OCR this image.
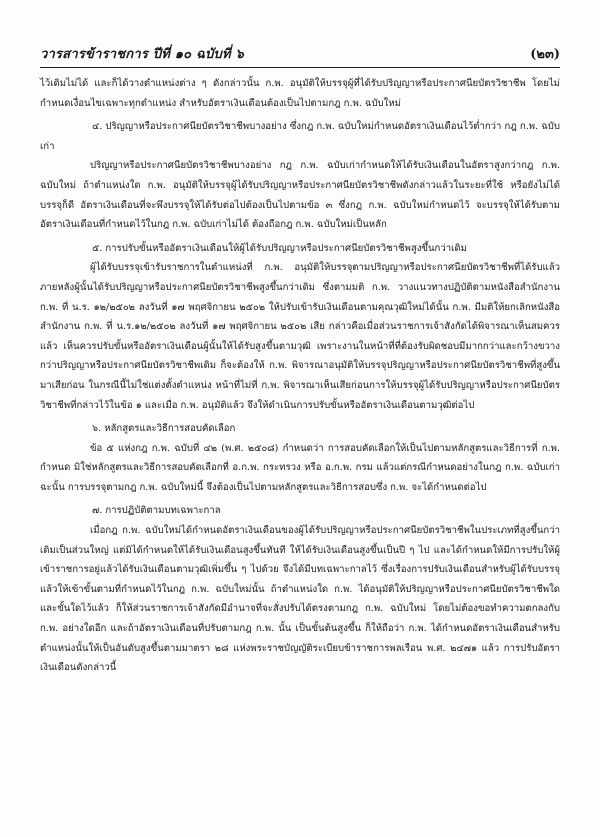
วารสารข้าราชการ ปีที่ ๑๐ ฉบับที่ ๖	(๒๓)

ไว้เดิมไม่ได้ และก็ได้วางตำแหน่งต่าง ๆ ดังกล่าวนั้น ก.พ. อนุมัติให้บรรจุผู้ที่ได้รับปริญญาหรือประกาศนียบัตรวิชาชีพ โดยไม่กำหนดเงื่อนไขเฉพาะทุกตำแหน่ง สำหรับอัตราเงินเดือนต้องเป็นไปตามกฎ ก.พ. ฉบับใหม่

๔. ปริญญาหรือประกาศนียบัตรวิชาชีพบางอย่าง ซึ่งกฎ ก.พ. ฉบับใหม่กำหนดอัตราเงินเดือนไว้ต่ำกว่า กฎ ก.พ. ฉบับเก่า

ปริญญาหรือประกาศนียบัตรวิชาชีพบางอย่าง กฎ ก.พ. ฉบับเก่ากำหนดให้ได้รับเงินเดือนในอัตราสูงกว่ากฎ ก.พ. ฉบับใหม่ ถ้าตำแหน่งใด ก.พ. อนุมัติให้บรรจุผู้ได้รับปริญญาหรือประกาศนียบัตรวิชาชีพดังกล่าวแล้วในระยะที่ใช้ หรือยังไม่ได้บรรจุก็ดี อัตราเงินเดือนที่จะพึงบรรจุให้ได้รับต่อไปต้องเป็นไปตามข้อ ๓ ซึ่งกฎ ก.พ. ฉบับใหม่กำหนดไว้ จะบรรจุให้ได้รับตามอัตราเงินเดือนที่กำหนดไว้ในกฎ ก.พ. ฉบับเก่าไม่ได้ ต้องถือกฎ ก.พ. ฉบับใหม่เป็นหลัก

๕. การปรับขั้นหรืออัตราเงินเดือนให้ผู้ได้รับปริญญาหรือประกาศนียบัตรวิชาชีพสูงขึ้นกว่าเดิม

ผู้ได้รับบรรจุเข้ารับราชการในตำแหน่งที่ ก.พ. อนุมัติให้บรรจุตามปริญญาหรือประกาศนียบัตรวิชาชีพที่ได้รับแล้ว ภายหลังผู้นั้นได้รับปริญญาหรือประกาศนียบัตรวิชาชีพสูงขึ้นกว่าเดิม ซึ่งตามมติ ก.พ. วางแนวทางปฏิบัติตามหนังสือสำนักงาน ก.พ. ที่ น.ร. ๑๒/๒๕๐๒ ลงวันที่ ๑๗ พฤศจิกายน ๒๕๐๒ ให้ปรับเข้ารับเงินเดือนตามคุณวุฒิใหม่ได้นั้น ก.พ. มีมติให้ยกเลิกหนังสือสำนักงาน ก.พ. ที่ น.ร.๑๒/๒๕๐๒ ลงวันที่ ๑๗ พฤศจิกายน ๒๕๐๒ เสีย กล่าวคือเมื่อส่วนราชการเจ้าสังกัดได้พิจารณาเห็นสมควรแล้ว เห็นควรปรับขั้นหรืออัตราเงินเดือนผู้นั้นให้ได้รับสูงขึ้นตามวุฒิ เพราะงานในหน้าที่ที่ต้องรับผิดชอบมีมากกว่าและกว้างขวางกว่าปริญญาหรือประกาศนียบัตรวิชาชีพเดิม ก็จะต้องให้ ก.พ. พิจารณาอนุมัติให้บรรจุปริญญาหรือประกาศนียบัตรวิชาชีพที่สูงขึ้นมาเสียก่อน ในกรณีนี้ไม่ใช่แต่งตั้งตำแหน่ง หน้าที่ไม่ที่ ก.พ. พิจารณาเห็นเสียก่อนการให้บรรจุผู้ได้รับปริญญาหรือประกาศนียบัตรวิชาชีพที่กล่าวไว้ในข้อ ๑ และเมื่อ ก.พ. อนุมัติแล้ว จึงให้ดำเนินการปรับขั้นหรืออัตราเงินเดือนตามวุฒิต่อไป

๖. หลักสูตรและวิธีการสอบคัดเลือก

ข้อ ๕ แห่งกฎ ก.พ. ฉบับที่ ๔๒ (พ.ศ. ๒๕๐๘) กำหนดว่า การสอบคัดเลือกให้เป็นไปตามหลักสูตรและวิธีการที่ ก.พ. กำหนด มิใช่หลักสูตรและวิธีการสอบคัดเลือกที่ อ.ก.พ. กระทรวง หรือ อ.ก.พ. กรม แล้วแต่กรณีกำหนดอย่างในกฎ ก.พ. ฉบับเก่า ฉะนั้น การบรรจุตามกฎ ก.พ. ฉบับใหม่นี้ จึงต้องเป็นไปตามหลักสูตรและวิธีการสอบซึ่ง ก.พ. จะได้กำหนดต่อไป

๗. การปฏิบัติตามบทเฉพาะกาล

เมื่อกฎ ก.พ. ฉบับใหม่ได้กำหนดอัตราเงินเดือนของผู้ได้รับปริญญาหรือประกาศนียบัตรวิชาชีพในประเภทที่สูงขึ้นกว่าเดิมเป็นส่วนใหญ่ แต่มิได้กำหนดให้ได้รับเงินเดือนสูงขึ้นทันที ให้ได้รับเงินเดือนสูงขึ้นเป็นปี ๆ ไป และได้กำหนดให้มีการปรับให้ผู้เข้าราชการอยู่แล้วได้รับเงินเดือนตามวุฒิเพิ่มขึ้น ๆ ไปด้วย จึงได้มีบทเฉพาะกาลไว้ ซึ่งเรื่องการปรับเงินเดือนสำหรับผู้ได้รับบรรจุแล้วให้เข้าขั้นตามที่กำหนดไว้ในกฎ ก.พ. ฉบับใหม่นั้น ถ้าตำแหน่งใด ก.พ. ได้อนุมัติให้ปริญญาหรือประกาศนียบัตรวิชาชีพใดและขั้นใดไว้แล้ว ก็ให้ส่วนราชการเจ้าสังกัดมีอำนาจที่จะสั่งปรับได้ตรงตามกฎ ก.พ. ฉบับใหม่ โดยไม่ต้องขอทำความตกลงกับ ก.พ. อย่างใดอีก และถ้าอัตราเงินเดือนที่ปรับตามกฎ ก.พ. นั้น เป็นขั้นต้นสูงขึ้น ก็ให้ถือว่า ก.พ. ได้กำหนดอัตราเงินเดือนสำหรับตำแหน่งนั้นให้เป็นอันดับสูงขึ้นตามมาตรา ๒๘ แห่งพระราชบัญญัติระเบียบข้าราชการพลเรือน พ.ศ. ๒๔๗๑ แล้ว การปรับอัตราเงินเดือนดังกล่าวนี้
